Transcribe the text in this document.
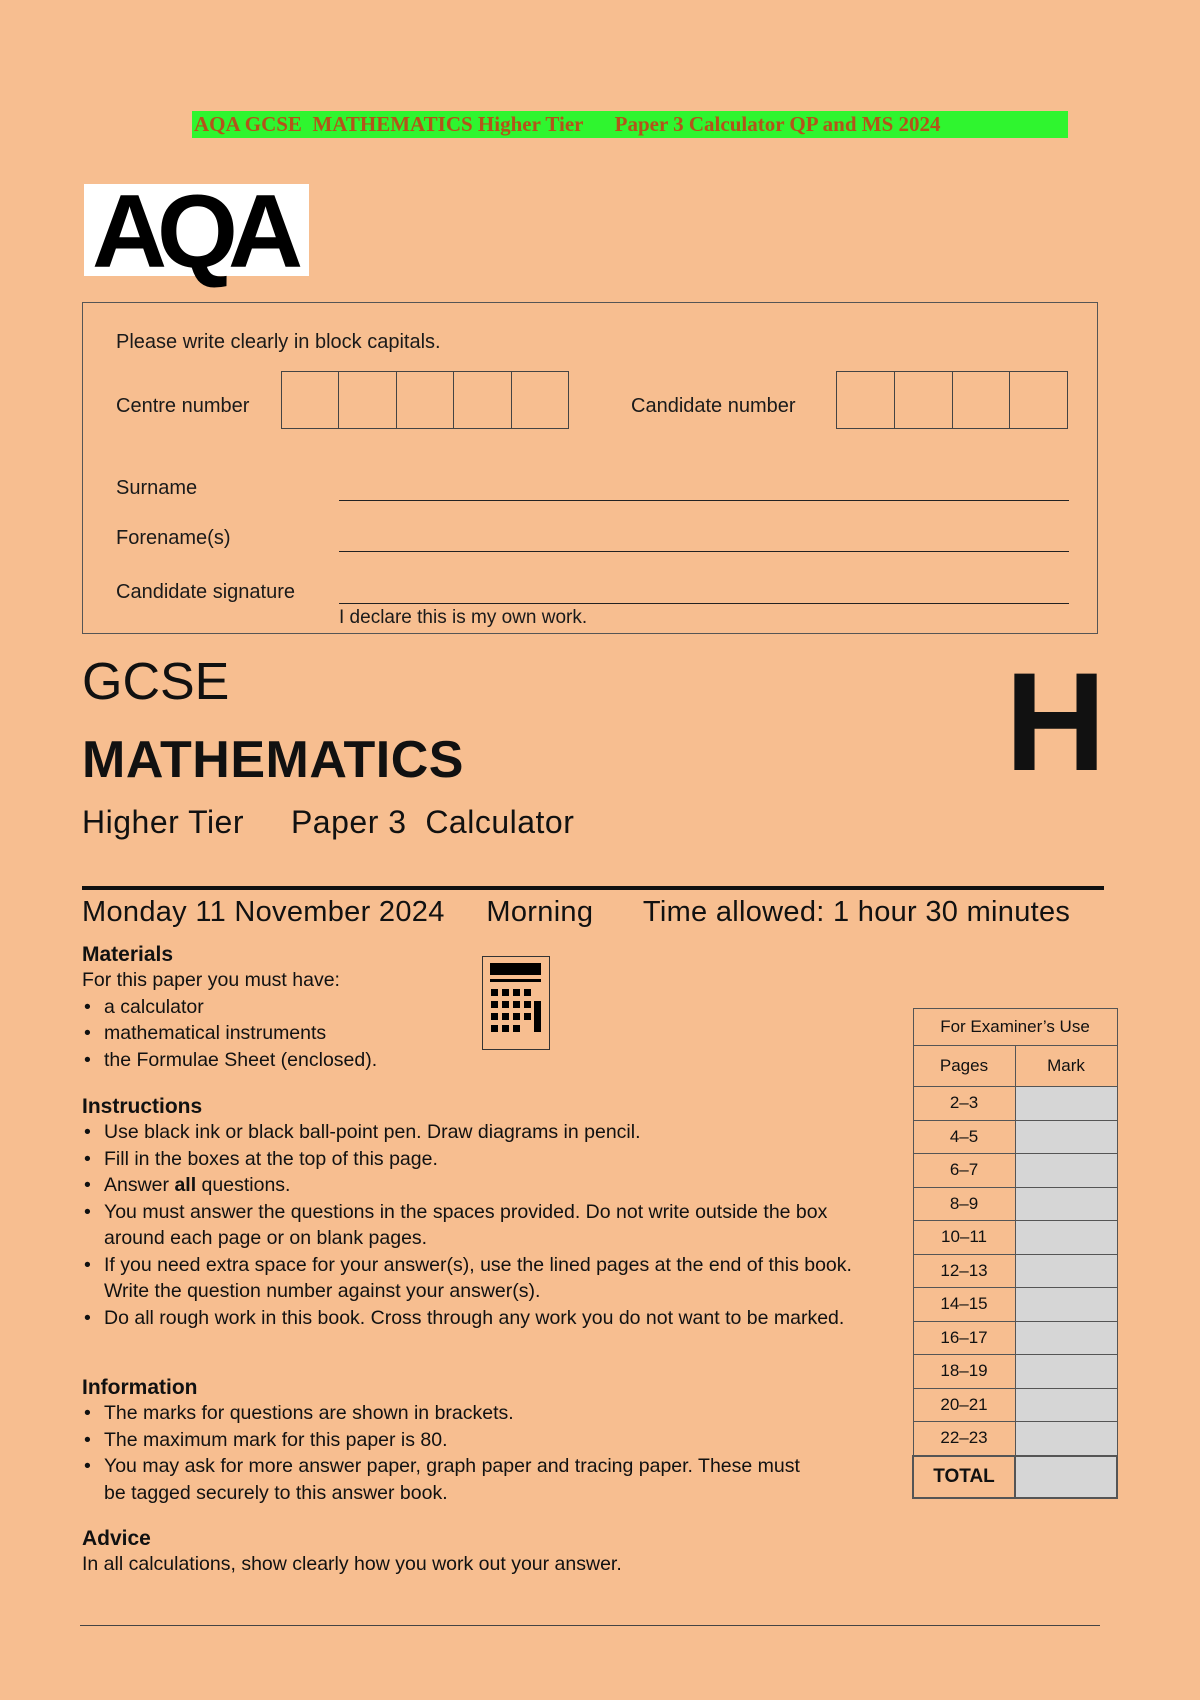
AQA GCSE  MATHEMATICS Higher Tier      Paper 3 Calculator QP and MS 2024
AQA
Please write clearly in block capitals.
Centre number	Candidate number
Surname
Forename(s)
Candidate signature
I declare this is my own work.
GCSE
MATHEMATICS	H
Higher Tier     Paper 3  Calculator
Monday 11 November 2024     Morning      Time allowed: 1 hour 30 minutes
Materials
For this paper you must have:
• a calculator
• mathematical instruments
• the Formulae Sheet (enclosed).
Instructions
• Use black ink or black ball-point pen. Draw diagrams in pencil.
• Fill in the boxes at the top of this page.
• Answer all questions.
• You must answer the questions in the spaces provided. Do not write outside the box around each page or on blank pages.
• If you need extra space for your answer(s), use the lined pages at the end of this book. Write the question number against your answer(s).
• Do all rough work in this book. Cross through any work you do not want to be marked.
Information
• The marks for questions are shown in brackets.
• The maximum mark for this paper is 80.
• You may ask for more answer paper, graph paper and tracing paper. These must be tagged securely to this answer book.
Advice
In all calculations, show clearly how you work out your answer.
For Examiner’s Use	
Pages	Mark
2–3	
4–5	
6–7	
8–9	
10–11	
12–13	
14–15	
16–17	
18–19	
20–21	
22–23	
TOTAL	
